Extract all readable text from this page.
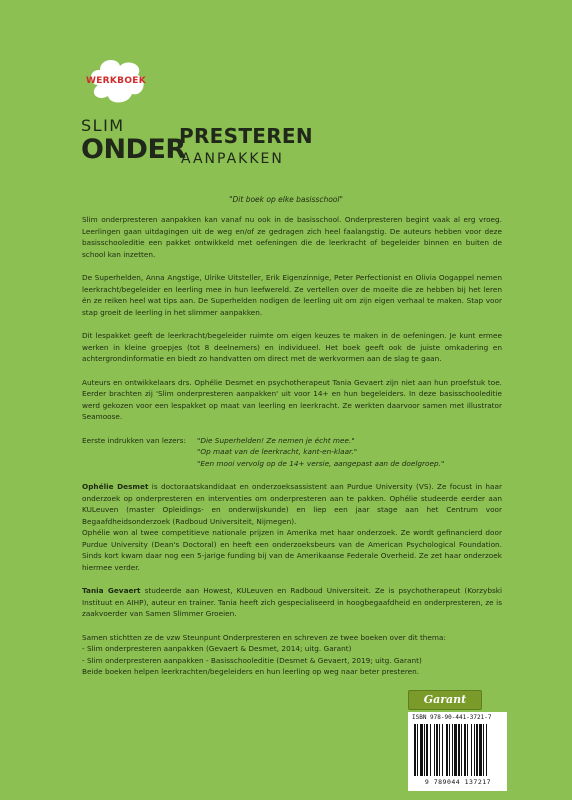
WERKBOEK
SLIM
ONDER
PRESTEREN
AANPAKKEN
"Dit boek op elke basisschool"

Slim onderpresteren aanpakken kan vanaf nu ook in de basisschool. Onderpresteren begint vaak al erg vroeg. Leerlingen gaan uitdagingen uit de weg en/of ze gedragen zich heel faalangstig. De auteurs hebben voor deze basisschooleditie een pakket ontwikkeld met oefeningen die de leerkracht of begeleider binnen en buiten de school kan inzetten.

De Superhelden, Anna Angstige, Ulrike Uitsteller, Erik Eigenzinnige, Peter Perfectionist en Olivia Oogappel nemen leerkracht/begeleider en leerling mee in hun leefwereld. Ze vertellen over de moeite die ze hebben bij het leren én ze reiken heel wat tips aan. De Superhelden nodigen de leerling uit om zijn eigen verhaal te maken. Stap voor stap groeit de leerling in het slimmer aanpakken.

Dit lespakket geeft de leerkracht/begeleider ruimte om eigen keuzes te maken in de oefeningen. Je kunt ermee werken in kleine groepjes (tot 8 deelnemers) en individueel. Het boek geeft ook de juiste omkadering en achtergrondinformatie en biedt zo handvatten om direct met de werkvormen aan de slag te gaan.

Auteurs en ontwikkelaars drs. Ophélie Desmet en psychotherapeut Tania Gevaert zijn niet aan hun proefstuk toe. Eerder brachten zij 'Slim onderpresteren aanpakken' uit voor 14+ en hun begeleiders. In deze basisschooleditie werd gekozen voor een lespakket op maat van leerling en leerkracht. Ze werkten daarvoor samen met illustrator Seamoose.

Eerste indrukken van lezers:	"Die Superhelden! Ze nemen je écht mee."
"Op maat van de leerkracht, kant-en-klaar."
"Een mooi vervolg op de 14+ versie, aangepast aan de doelgroep."

Ophélie Desmet is doctoraatskandidaat en onderzoeksassistent aan Purdue University (VS). Ze focust in haar onderzoek op onderpresteren en interventies om onderpresteren aan te pakken. Ophélie studeerde eerder aan KULeuven (master Opleidings- en onderwijskunde) en liep een jaar stage aan het Centrum voor Begaafdheidsonderzoek (Radboud Universiteit, Nijmegen).

Ophélie won al twee competitieve nationale prijzen in Amerika met haar onderzoek. Ze wordt gefinancierd door Purdue University (Dean's Doctoral) en heeft een onderzoeksbeurs van de American Psychological Foundation. Sinds kort kwam daar nog een 5-jarige funding bij van de Amerikaanse Federale Overheid. Ze zet haar onderzoek hiermee verder.

Tania Gevaert studeerde aan Howest, KULeuven en Radboud Universiteit. Ze is psychotherapeut (Korzybski Instituut en AIHP), auteur en trainer. Tania heeft zich gespecialiseerd in hoogbegaafdheid en onderpresteren, ze is zaakvoerder van Samen Slimmer Groeien.

Samen stichtten ze de vzw Steunpunt Onderpresteren en schreven ze twee boeken over dit thema:
- Slim onderpresteren aanpakken (Gevaert & Desmet, 2014; uitg. Garant)
- Slim onderpresteren aanpakken - Basisschooleditie (Desmet & Gevaert, 2019; uitg. Garant)
Beide boeken helpen leerkrachten/begeleiders en hun leerling op weg naar beter presteren.
Garant
ISBN 978-90-441-3721-7
9 789044 137217
